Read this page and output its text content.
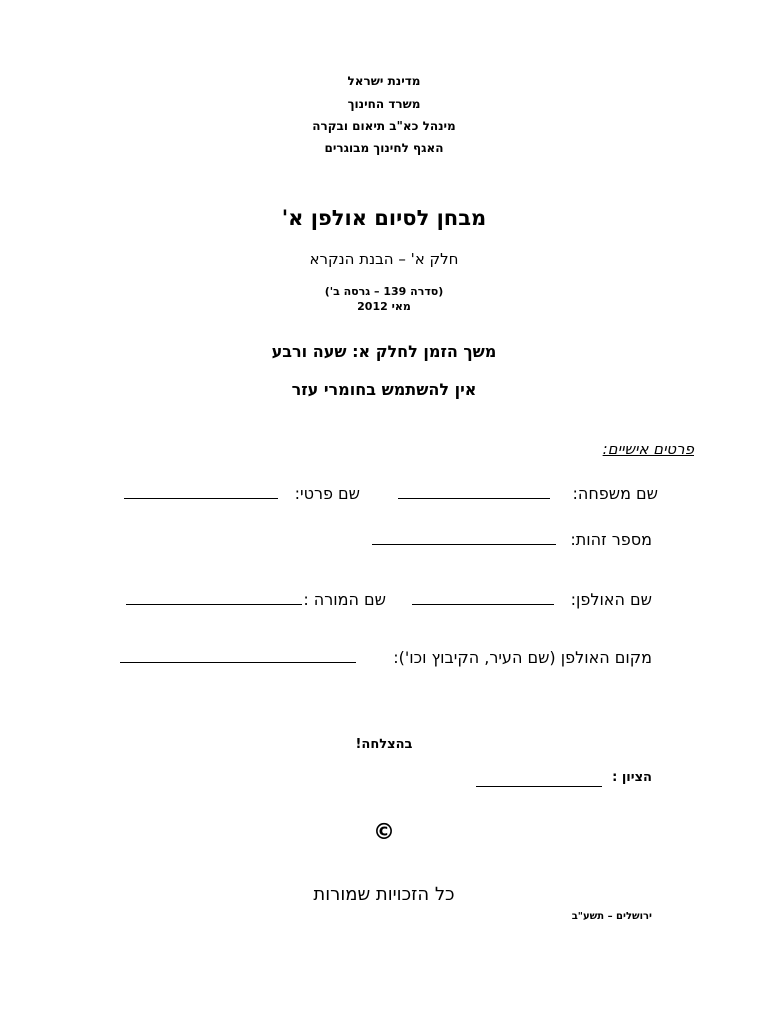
מדינת ישראל
משרד החינוך
מינהל כא"ב תיאום ובקרה
האגף לחינוך מבוגרים
מבחן לסיום אולפן א'
חלק א' – הבנת הנקרא
(סדרה 139 – גרסה ב')
מאי 2012
משך הזמן לחלק א: שעה ורבע
אין להשתמש בחומרי עזר
פרטים אישיים:
שם משפחה:
שם פרטי:
מספר זהות:
שם האולפן:
שם המורה :
מקום האולפן (שם העיר, הקיבוץ וכו'):
בהצלחה!
הציון :
©
כל הזכויות שמורות
ירושלים – תשע"ב
